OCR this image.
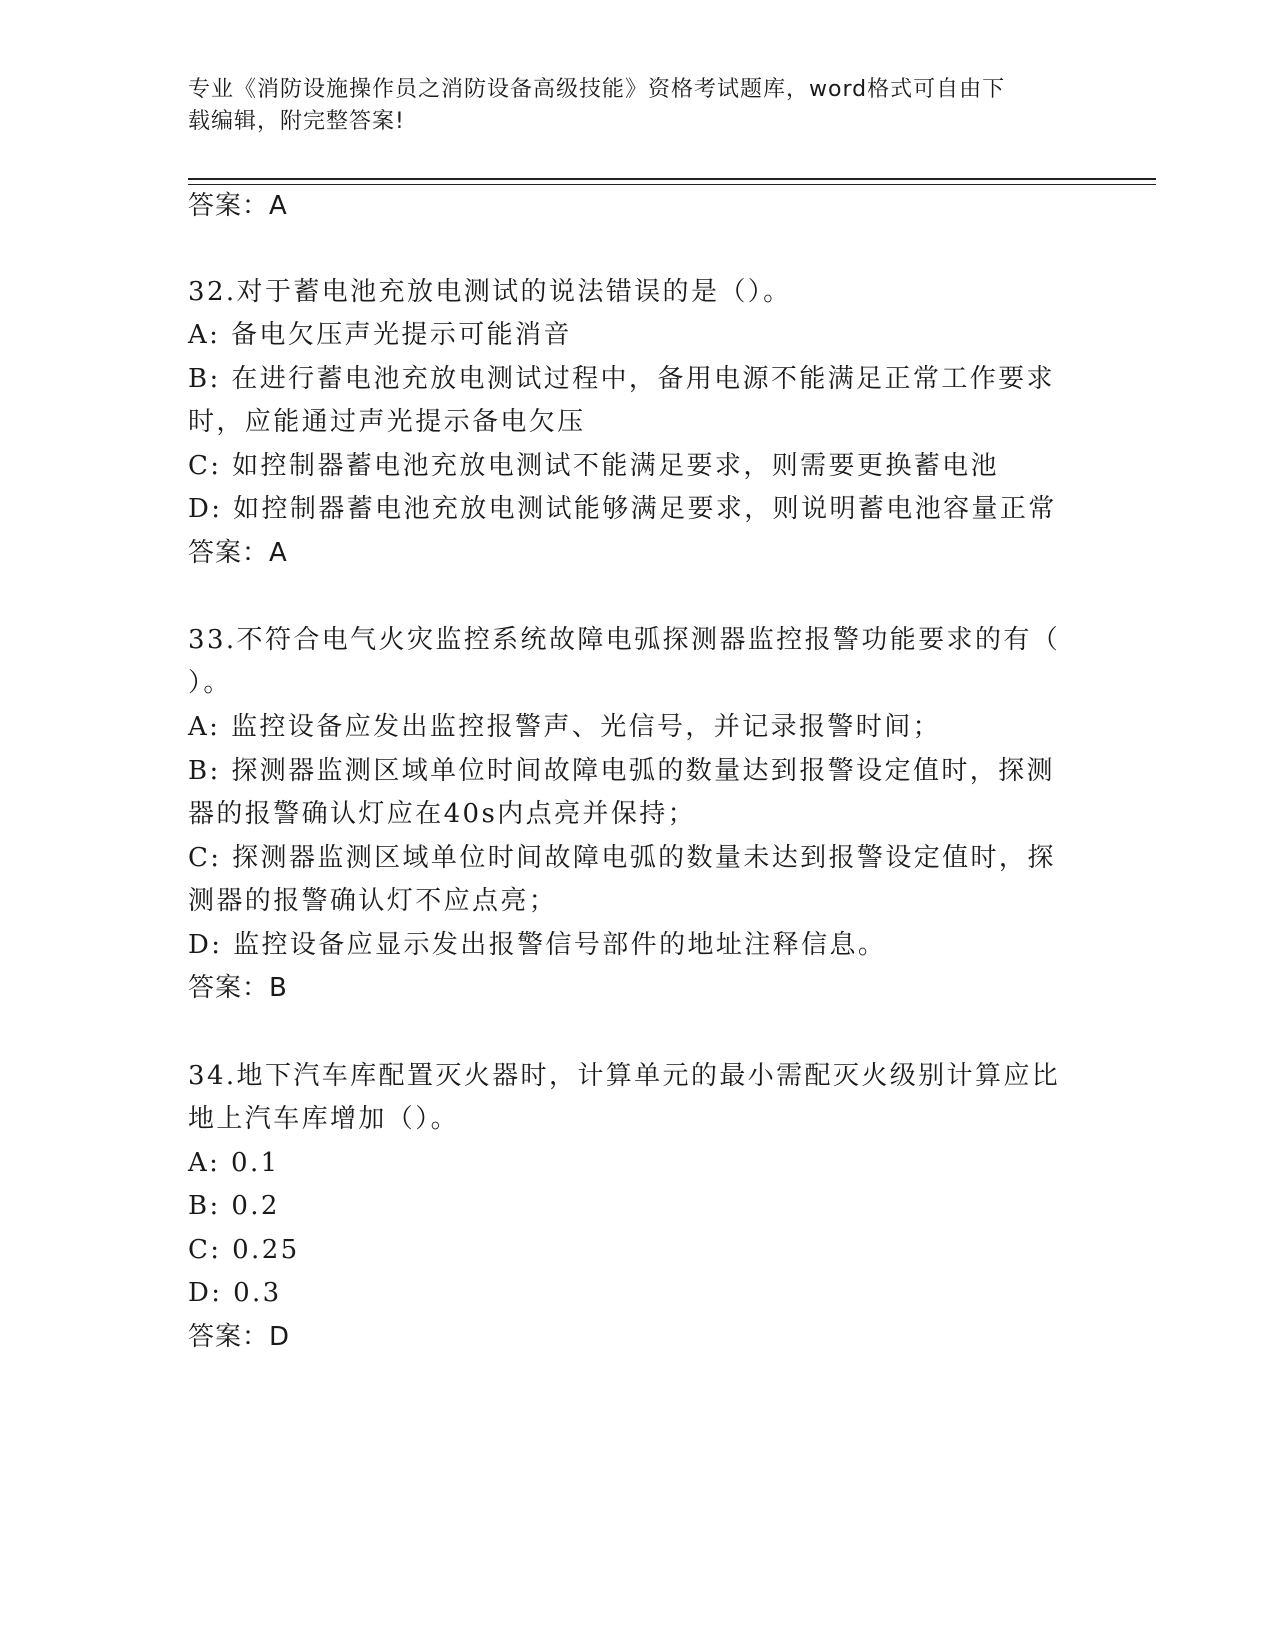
专业《消防设施操作员之消防设备高级技能》资格考试题库，word格式可自由下
载编辑，附完整答案!
答案：A
32.对于蓄电池充放电测试的说法错误的是（）。
A: 备电欠压声光提示可能消音
B: 在进行蓄电池充放电测试过程中，备用电源不能满足正常工作要求
时，应能通过声光提示备电欠压
C: 如控制器蓄电池充放电测试不能满足要求，则需要更换蓄电池
D: 如控制器蓄电池充放电测试能够满足要求，则说明蓄电池容量正常
答案：A
33.不符合电气火灾监控系统故障电弧探测器监控报警功能要求的有（
）。
A: 监控设备应发出监控报警声、光信号，并记录报警时间；
B: 探测器监测区域单位时间故障电弧的数量达到报警设定值时，探测
器的报警确认灯应在40s内点亮并保持；
C: 探测器监测区域单位时间故障电弧的数量未达到报警设定值时，探
测器的报警确认灯不应点亮；
D: 监控设备应显示发出报警信号部件的地址注释信息。
答案：B
34.地下汽车库配置灭火器时，计算单元的最小需配灭火级别计算应比
地上汽车库增加（）。
A: 0.1
B: 0.2
C: 0.25
D: 0.3
答案：D
